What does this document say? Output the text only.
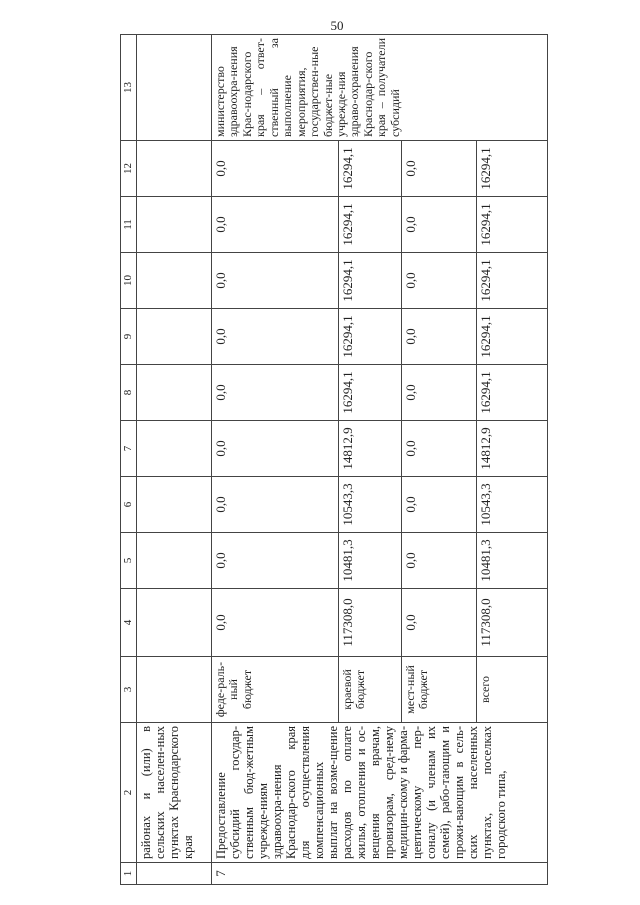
50
1	2	3	4	5	6	7	8	9	10	11	12	13
	районах и (или) в сельских населен-ных пунктах Краснодарского края											
7	Предоставление субсидий государ-ственным бюд-жетным учрежде-ниям здравоохра-нения Краснодар-ского края для осуществления компенсационных выплат на возме-щение расходов по оплате жилья, отопления и ос-вещения врачам, провизорам, сред-нему медицин-скому и фарма-цевтическому пер-соналу (и членам их семей), рабо-тающим и прожи-вающим в сель-ских населенных пунктах, поселках городского типа,	феде-раль-ный бюджет	0,0	0,0	0,0	0,0	0,0	0,0	0,0	0,0	0,0	министерство здравоохра-нения Крас-нодарского края – ответ-ственный за выполнение мероприятия, государствен-ные бюджет-ные учрежде-ния здраво-охранения Краснодар-ского края – получатели субсидий
		краевой бюджет	117308,0	10481,3	10543,3	14812,9	16294,1	16294,1	16294,1	16294,1	16294,1	
		мест-ный бюджет	0,0	0,0	0,0	0,0	0,0	0,0	0,0	0,0	0,0	
		всего	117308,0	10481,3	10543,3	14812,9	16294,1	16294,1	16294,1	16294,1	16294,1	
